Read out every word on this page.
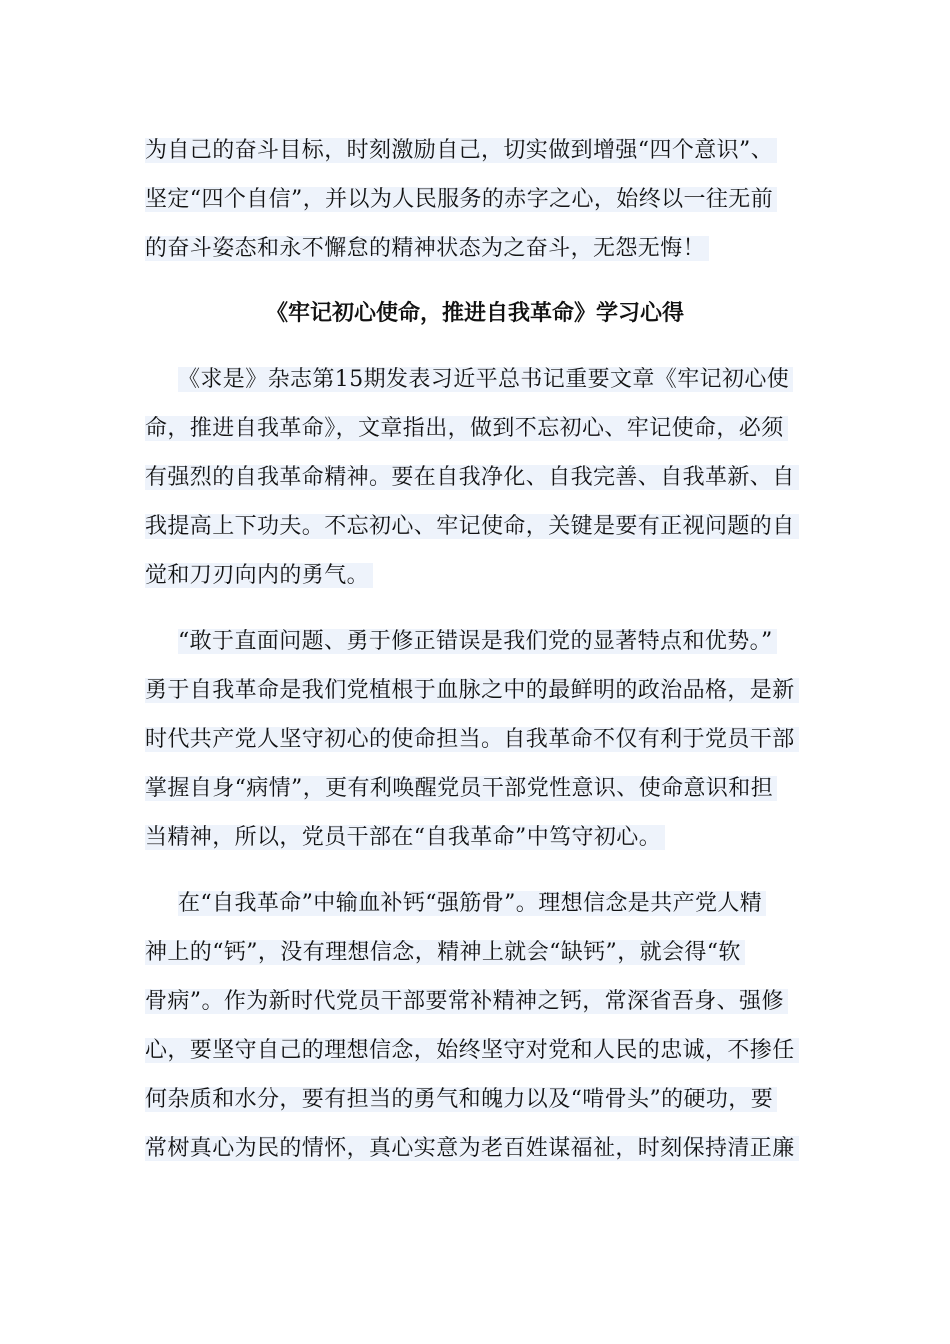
为自己的奋斗目标，时刻激励自己，切实做到增强“四个意识”、
坚定“四个自信”，并以为人民服务的赤字之心，始终以一往无前
的奋斗姿态和永不懈怠的精神状态为之奋斗，无怨无悔！
《牢记初心使命，推进自我革命》学习心得
《求是》杂志第15期发表习近平总书记重要文章《牢记初心使
命，推进自我革命》，文章指出，做到不忘初心、牢记使命，必须
有强烈的自我革命精神。要在自我净化、自我完善、自我革新、自
我提高上下功夫。不忘初心、牢记使命，关键是要有正视问题的自
觉和刀刃向内的勇气。
“敢于直面问题、勇于修正错误是我们党的显著特点和优势。”
勇于自我革命是我们党植根于血脉之中的最鲜明的政治品格，是新
时代共产党人坚守初心的使命担当。自我革命不仅有利于党员干部
掌握自身“病情”，更有利唤醒党员干部党性意识、使命意识和担
当精神，所以，党员干部在“自我革命”中笃守初心。
在“自我革命”中输血补钙“强筋骨”。理想信念是共产党人精
神上的“钙”，没有理想信念，精神上就会“缺钙”，就会得“软
骨病”。作为新时代党员干部要常补精神之钙，常深省吾身、强修
心，要坚守自己的理想信念，始终坚守对党和人民的忠诚，不掺任
何杂质和水分，要有担当的勇气和魄力以及“啃骨头”的硬功，要
常树真心为民的情怀，真心实意为老百姓谋福祉，时刻保持清正廉
